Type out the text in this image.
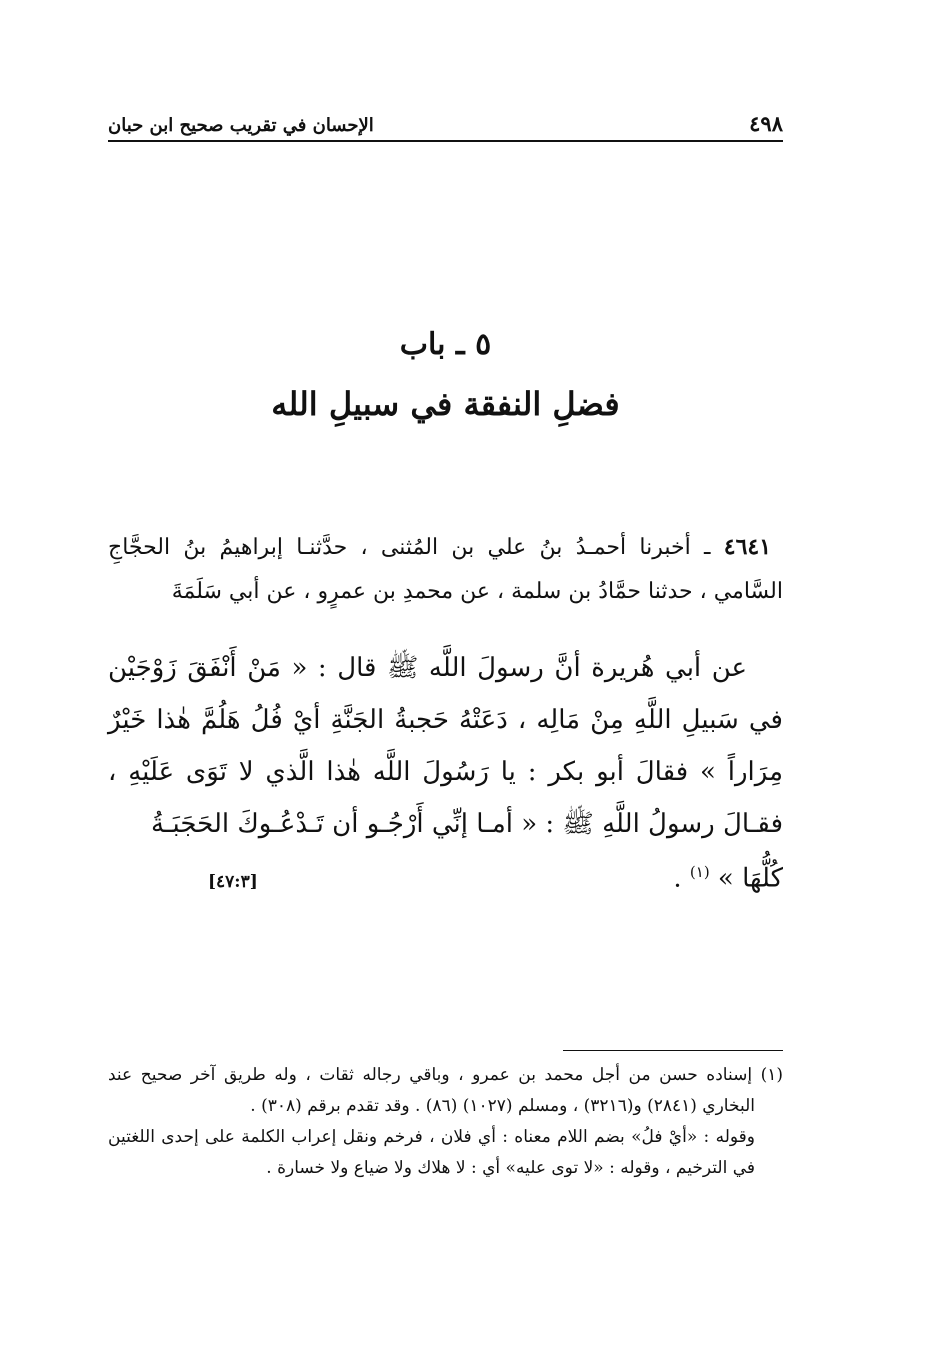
٤٩٨
الإحسان في تقريب صحيح ابن حبان
٥ ـ باب
فضلِ النفقة في سبيلِ الله

٤٦٤١ ـ أخبرنا أحمـدُ بنُ علي بن المُثنى ، حدَّثنـا إبراهيمُ بنُ الحجَّاجِ السَّامي ، حدثنا حمَّادُ بن سلمة ، عن محمدِ بن عمرٍو ، عن أبي سَلَمَةَ

عن أبي هُريرة أنَّ رسولَ اللَّه ﷺ قال : « مَنْ أَنْفَقَ زَوْجَيْن في سَبيلِ اللَّهِ مِنْ مَالِه ، دَعَتْهُ حَجبةُ الجَنَّةِ أيْ فُلُ هَلُمَّ هٰذا خَيْرٌ مِرَاراً » فقالَ أبو بكر : يا رَسُولَ اللَّه هٰذا الَّذي لا تَوَى عَلَيْهِ ، فقـالَ رسولُ اللَّهِ ﷺ : « أمـا إنِّي أَرْجُـو أن تَـدْعُـوكَ الحَجَبَـةُ

كُلُّهَا » $^{(١)}$ .
[٤٧:٣]

(١) إسناده حسن من أجل محمد بن عمرو ، وباقي رجاله ثقات ، وله طريق آخر صحيح عند البخاري (٢٨٤١) و(٣٢١٦) ، ومسلم (١٠٢٧) (٨٦) . وقد تقدم برقم (٣٠٨) .

وقوله : «أيْ فلُ» بضم اللام معناه : أي فلان ، فرخم ونقل إعراب الكلمة على إحدى اللغتين في الترخيم ، وقوله : «لا توى عليه» أي : لا هلاك ولا ضياع ولا خسارة .
